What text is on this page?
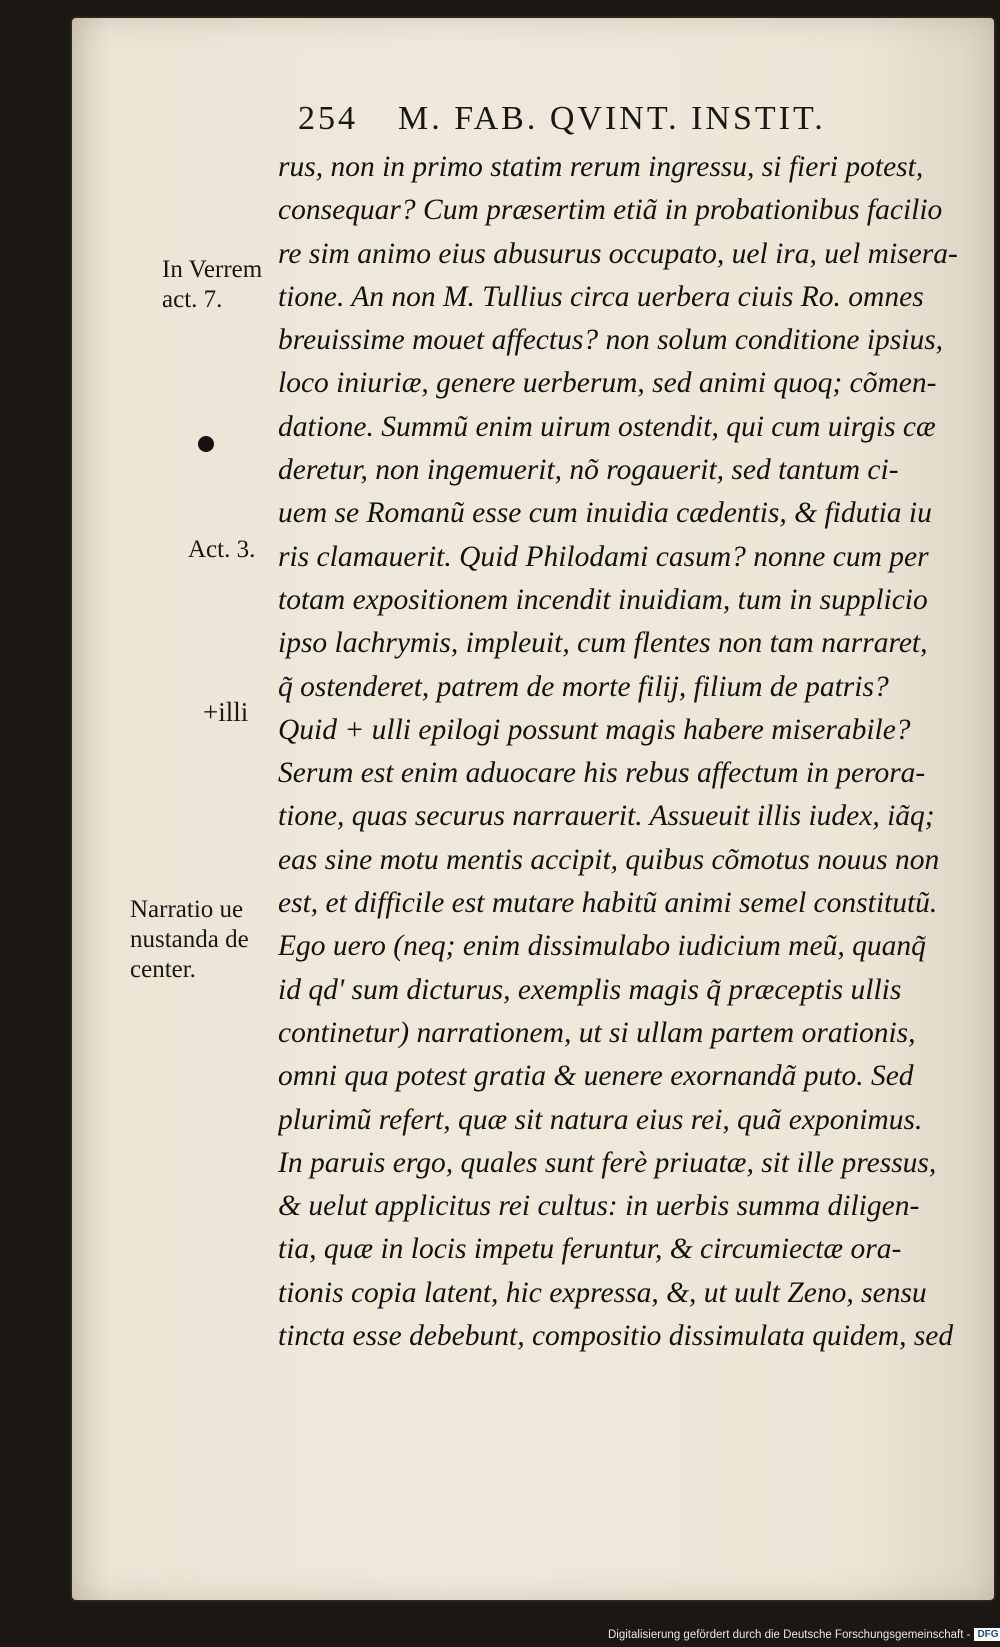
254 M. FAB. QVINT. INSTIT.
In Verrem
act. 7.
Act. 3.
+illi
Narratio ue
nustanda de
center.
rus, non in primo statim rerum ingressu, si fieri potest,
consequar? Cum præsertim etiã in probationibus facilio
re sim animo eius abusurus occupato, uel ira, uel misera-
tione. An non M. Tullius circa uerbera ciuis Ro. omnes
breuissime mouet affectus? non solum conditione ipsius,
loco iniuriæ, genere uerberum, sed animi quoq; cõmen-
datione. Summũ enim uirum ostendit, qui cum uirgis cæ
deretur, non ingemuerit, nõ rogauerit, sed tantum ci-
uem se Romanũ esse cum inuidia cædentis, & fidutia iu
ris clamauerit. Quid Philodami casum? nonne cum per
totam expositionem incendit inuidiam, tum in supplicio
ipso lachrymis, impleuit, cum flentes non tam narraret,
q̃ ostenderet, patrem de morte filij, filium de patris?
Quid + ulli epilogi possunt magis habere miserabile?
Serum est enim aduocare his rebus affectum in perora-
tione, quas securus narrauerit. Assueuit illis iudex, iãq;
eas sine motu mentis accipit, quibus cõmotus nouus non
est, et difficile est mutare habitũ animi semel constitutũ.
Ego uero (neq; enim dissimulabo iudicium meũ, quanq̃
id qd' sum dicturus, exemplis magis q̃ præceptis ullis
continetur) narrationem, ut si ullam partem orationis,
omni qua potest gratia & uenere exornandã puto. Sed
plurimũ refert, quæ sit natura eius rei, quã exponimus.
In paruis ergo, quales sunt ferè priuatæ, sit ille pressus,
& uelut applicitus rei cultus: in uerbis summa diligen-
tia, quæ in locis impetu feruntur, & circumiectæ ora-
tionis copia latent, hic expressa, &, ut uult Zeno, sensu
tincta esse debebunt, compositio dissimulata quidem, sed
Digitalisierung gefördert durch die Deutsche Forschungsgemeinschaft - DFG
